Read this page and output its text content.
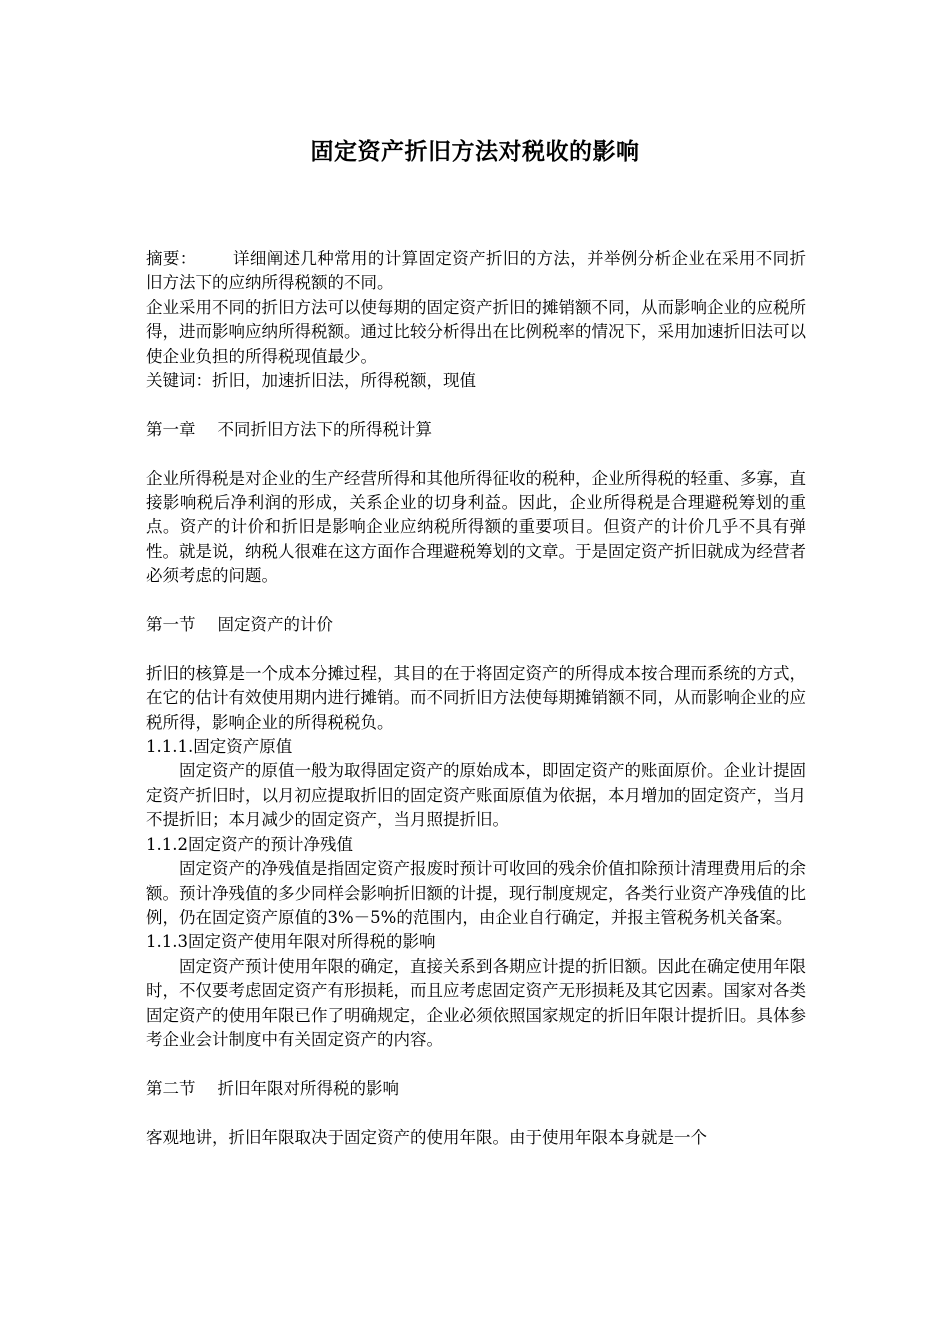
固定资产折旧方法对税收的影响

摘要： 详细阐述几种常用的计算固定资产折旧的方法，并举例分析企业在采用不同折旧方法下的应纳所得税额的不同。

企业采用不同的折旧方法可以使每期的固定资产折旧的摊销额不同，从而影响企业的应税所得，进而影响应纳所得税额。通过比较分析得出在比例税率的情况下，采用加速折旧法可以使企业负担的所得税现值最少。

关键词：折旧，加速折旧法，所得税额，现值

第一章 不同折旧方法下的所得税计算

企业所得税是对企业的生产经营所得和其他所得征收的税种，企业所得税的轻重、多寡，直接影响税后净利润的形成，关系企业的切身利益。因此，企业所得税是合理避税筹划的重点。资产的计价和折旧是影响企业应纳税所得额的重要项目。但资产的计价几乎不具有弹性。就是说，纳税人很难在这方面作合理避税筹划的文章。于是固定资产折旧就成为经营者必须考虑的问题。

第一节 固定资产的计价

折旧的核算是一个成本分摊过程，其目的在于将固定资产的所得成本按合理而系统的方式，在它的估计有效使用期内进行摊销。而不同折旧方法使每期摊销额不同，从而影响企业的应税所得，影响企业的所得税税负。

1.1.1.固定资产原值

固定资产的原值一般为取得固定资产的原始成本，即固定资产的账面原价。企业计提固定资产折旧时，以月初应提取折旧的固定资产账面原值为依据，本月增加的固定资产，当月不提折旧；本月减少的固定资产，当月照提折旧。

1.1.2固定资产的预计净残值

固定资产的净残值是指固定资产报废时预计可收回的残余价值扣除预计清理费用后的余额。预计净残值的多少同样会影响折旧额的计提，现行制度规定，各类行业资产净残值的比例，仍在固定资产原值的3%－5%的范围内，由企业自行确定，并报主管税务机关备案。

1.1.3固定资产使用年限对所得税的影响

固定资产预计使用年限的确定，直接关系到各期应计提的折旧额。因此在确定使用年限时，不仅要考虑固定资产有形损耗，而且应考虑固定资产无形损耗及其它因素。国家对各类固定资产的使用年限已作了明确规定，企业必须依照国家规定的折旧年限计提折旧。具体参考企业会计制度中有关固定资产的内容。

第二节 折旧年限对所得税的影响

客观地讲，折旧年限取决于固定资产的使用年限。由于使用年限本身就是一个
